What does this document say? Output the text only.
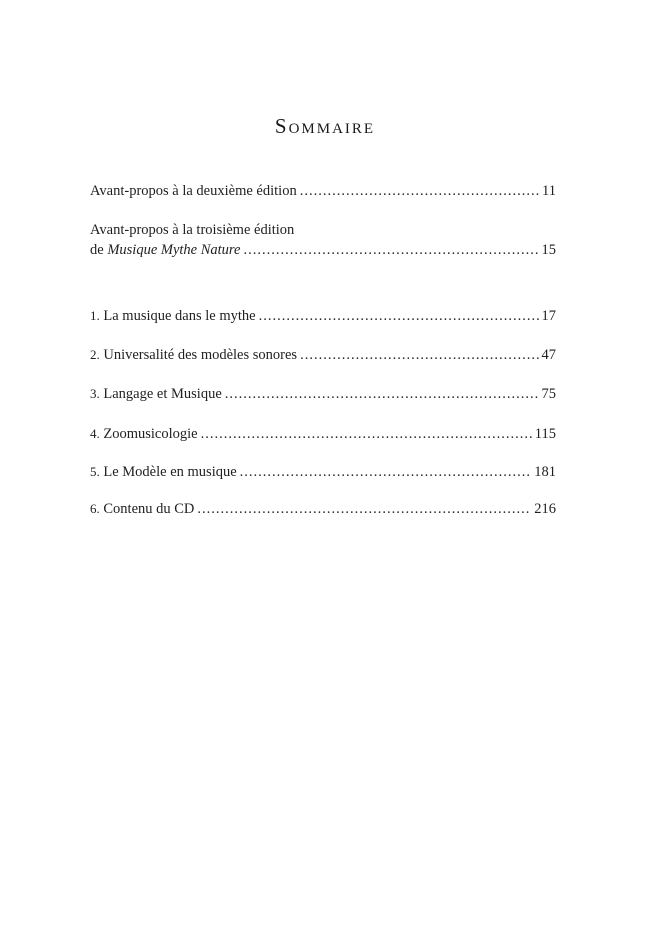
Sommaire
Avant-propos à la deuxième édition .....	11
Avant-propos à la troisième édition
de Musique Mythe Nature .....	15
1. La musique dans le mythe .....	17
2. Universalité des modèles sonores .....	47
3. Langage et Musique .....	75
4. Zoomusicologie .....	115
5. Le Modèle en musique .....	181
6. Contenu du CD .....	216
